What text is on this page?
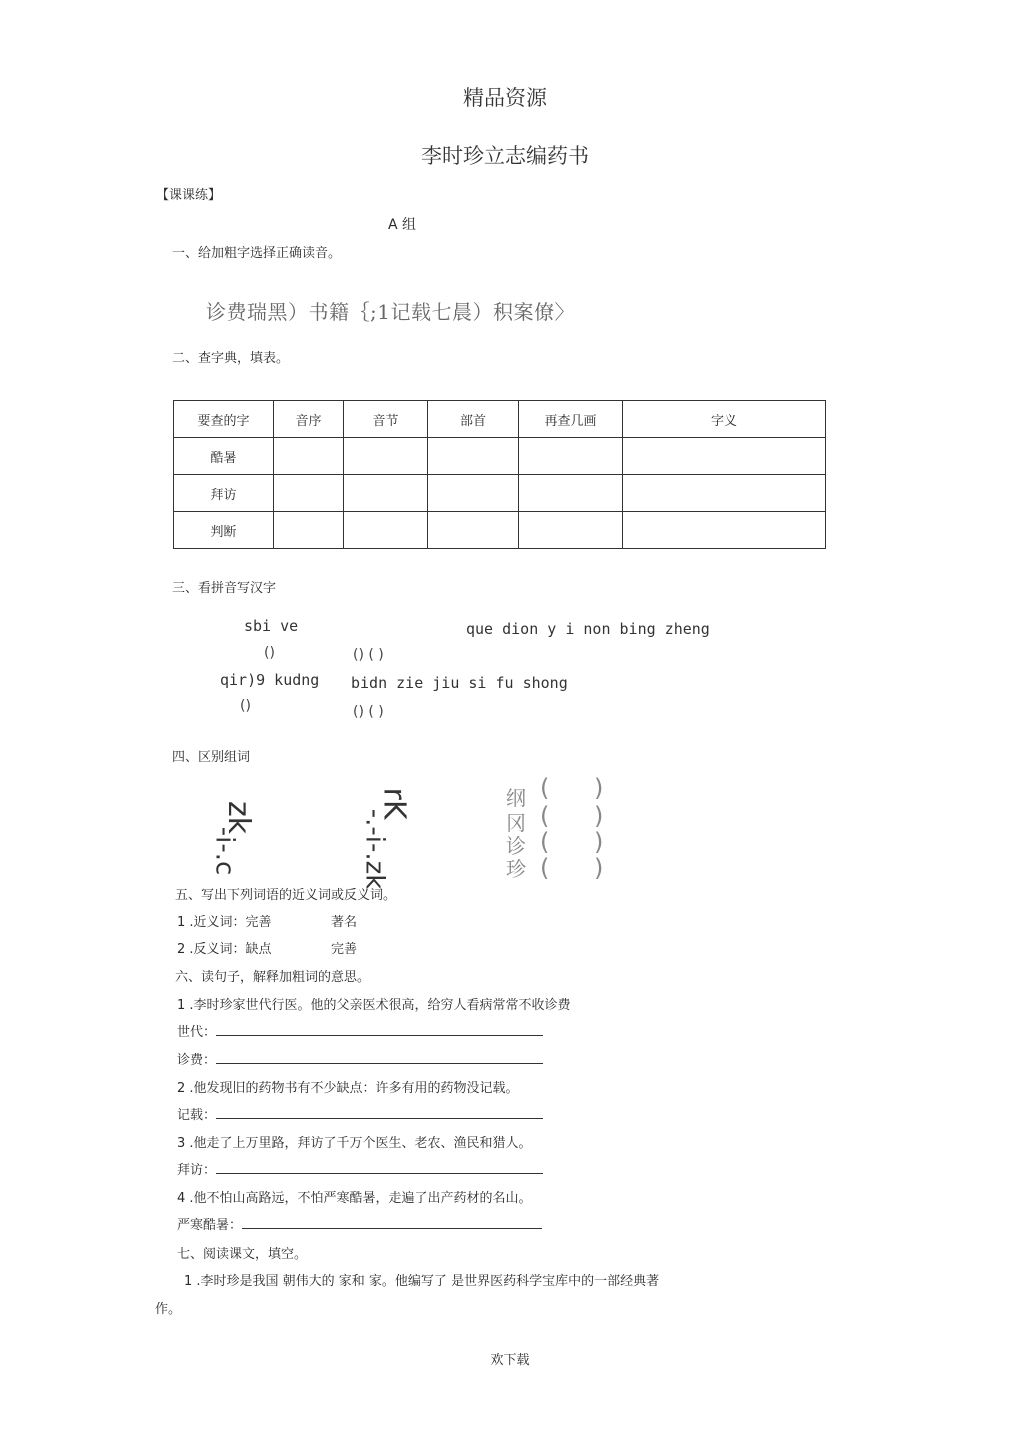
精品资源
李时珍立志编药书
【课课练】
A 组
一、给加粗字选择正确读音。
诊费瑞黑）书籍｛;1记载七晨）积案僚〉
二、查字典，填表。
要查的字	音序	音节	部首	再查几画	字义
酷暑					
拜访					
判断					
三、看拼音写汉字
sbi ve	que dion y i non bing zheng
()	() ( )
qir)9 kudng bidn zie jiu si fu shong
()	() ( )
四、区别组词
zk
-i-.c
rK
-.-i-.zk
纲
冈
诊
珍
( )
( )
( )
( )
五、写出下列词语的近义词或反义词。
1 .近义词：完善	著名
2 .反义词：缺点	完善
六、读句子，解释加粗词的意思。
1 .李时珍家世代行医。他的父亲医术很高，给穷人看病常常不收诊费
世代：
诊费：
2 .他发现旧的药物书有不少缺点：许多有用的药物没记载。
记载：
3 .他走了上万里路，拜访了千万个医生、老农、渔民和猎人。
拜访：
4 .他不怕山高路远，不怕严寒酷暑，走遍了出产药材的名山。
严寒酷暑：
七、阅读课文，填空。
1 .李时珍是我国 朝伟大的 家和 家。他编写了 是世界医药科学宝库中的一部经典著
作。
欢下载
